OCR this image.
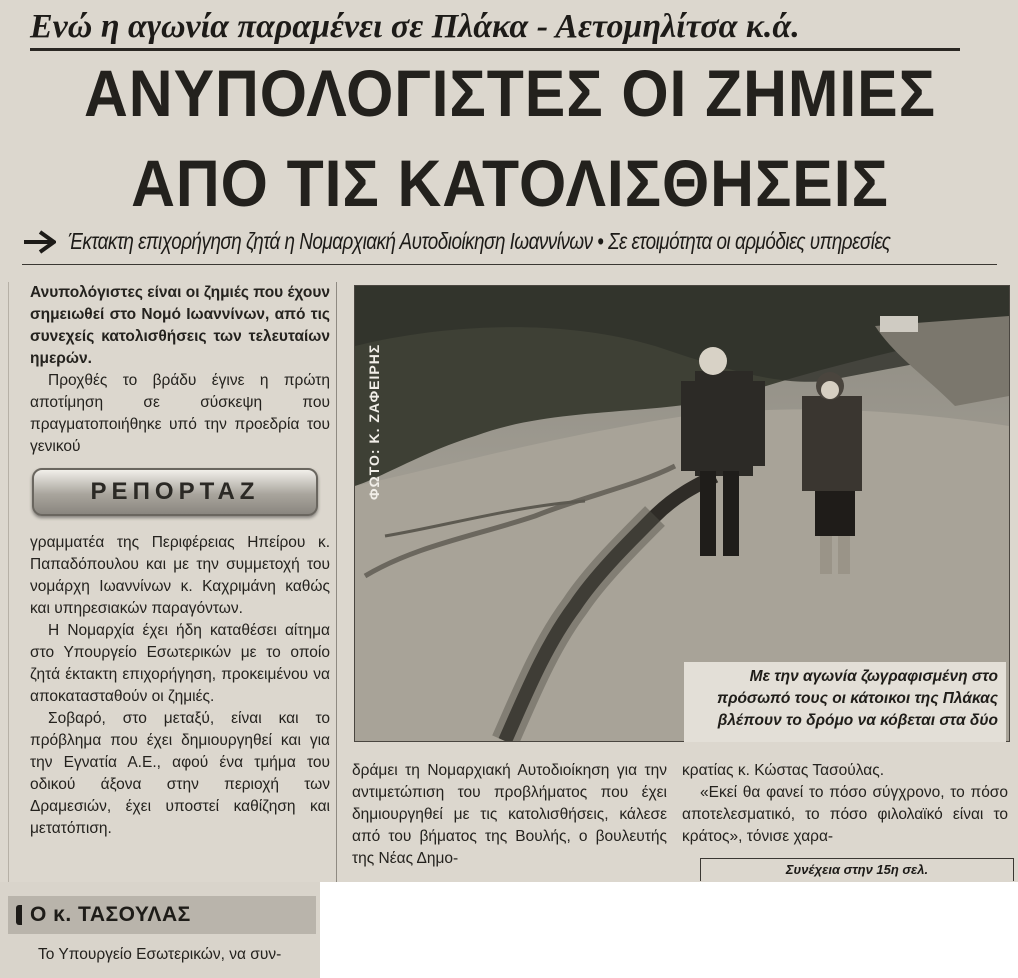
Ενώ η αγωνία παραμένει σε Πλάκα - Αετομηλίτσα κ.ά.
ΑΝΥΠΟΛΟΓΙΣΤΕΣ ΟΙ ΖΗΜΙΕΣ
ΑΠΟ ΤΙΣ ΚΑΤΟΛΙΣΘΗΣΕΙΣ
Έκτακτη επιχορήγηση ζητά η Νομαρχιακή Αυτοδιοίκηση Ιωαννίνων • Σε ετοιμότητα οι αρμόδιες υπηρεσίες

Ανυπολόγιστες είναι οι ζημιές που έχουν σημειωθεί στο Νομό Ιωαννίνων, από τις συνεχείς κατολισθήσεις των τελευταίων ημερών.

Προχθές το βράδυ έγινε η πρώτη αποτίμηση σε σύσκεψη που πραγματοποιήθηκε υπό την προεδρία του γενικού

ΡΕΠΟΡΤΑΖ

γραμματέα της Περιφέρειας Ηπείρου κ. Παπαδόπουλου και με την συμμετοχή του νομάρχη Ιωαννίνων κ. Καχριμάνη καθώς και υπηρεσιακών παραγόντων.

Η Νομαρχία έχει ήδη καταθέσει αίτημα στο Υπουργείο Εσωτερικών με το οποίο ζητά έκτακτη επιχορήγηση, προκειμένου να αποκατασταθούν οι ζημιές.

Σοβαρό, στο μεταξύ, είναι και το πρόβλημα που έχει δημιουργηθεί και για την Εγνατία Α.Ε., αφού ένα τμήμα του οδικού άξονα στην περιοχή των Δραμεσιών, έχει υποστεί καθίζηση και μετατόπιση.

ΦΩΤΟ: Κ. ΖΑΦΕΙΡΗΣ
Με την αγωνία ζωγραφισμένη στο πρόσωπό τους οι κάτοικοι της Πλάκας βλέπουν το δρόμο να κόβεται στα δύο

δράμει τη Νομαρχιακή Αυτοδιοίκηση για την αντιμετώπιση του προβλήματος που έχει δημιουργηθεί με τις κατολισθήσεις, κάλεσε από του βήματος της Βουλής, ο βουλευτής της Νέας Δημο-

κρατίας κ. Κώστας Τασούλας.

«Εκεί θα φανεί το πόσο σύγχρονο, το πόσο αποτελεσματικό, το πόσο φιλολαϊκό είναι το κράτος», τόνισε χαρα-

Συνέχεια στην 15η σελ.
Ο κ. ΤΑΣΟΥΛΑΣ
Το Υπουργείο Εσωτερικών, να συν-
